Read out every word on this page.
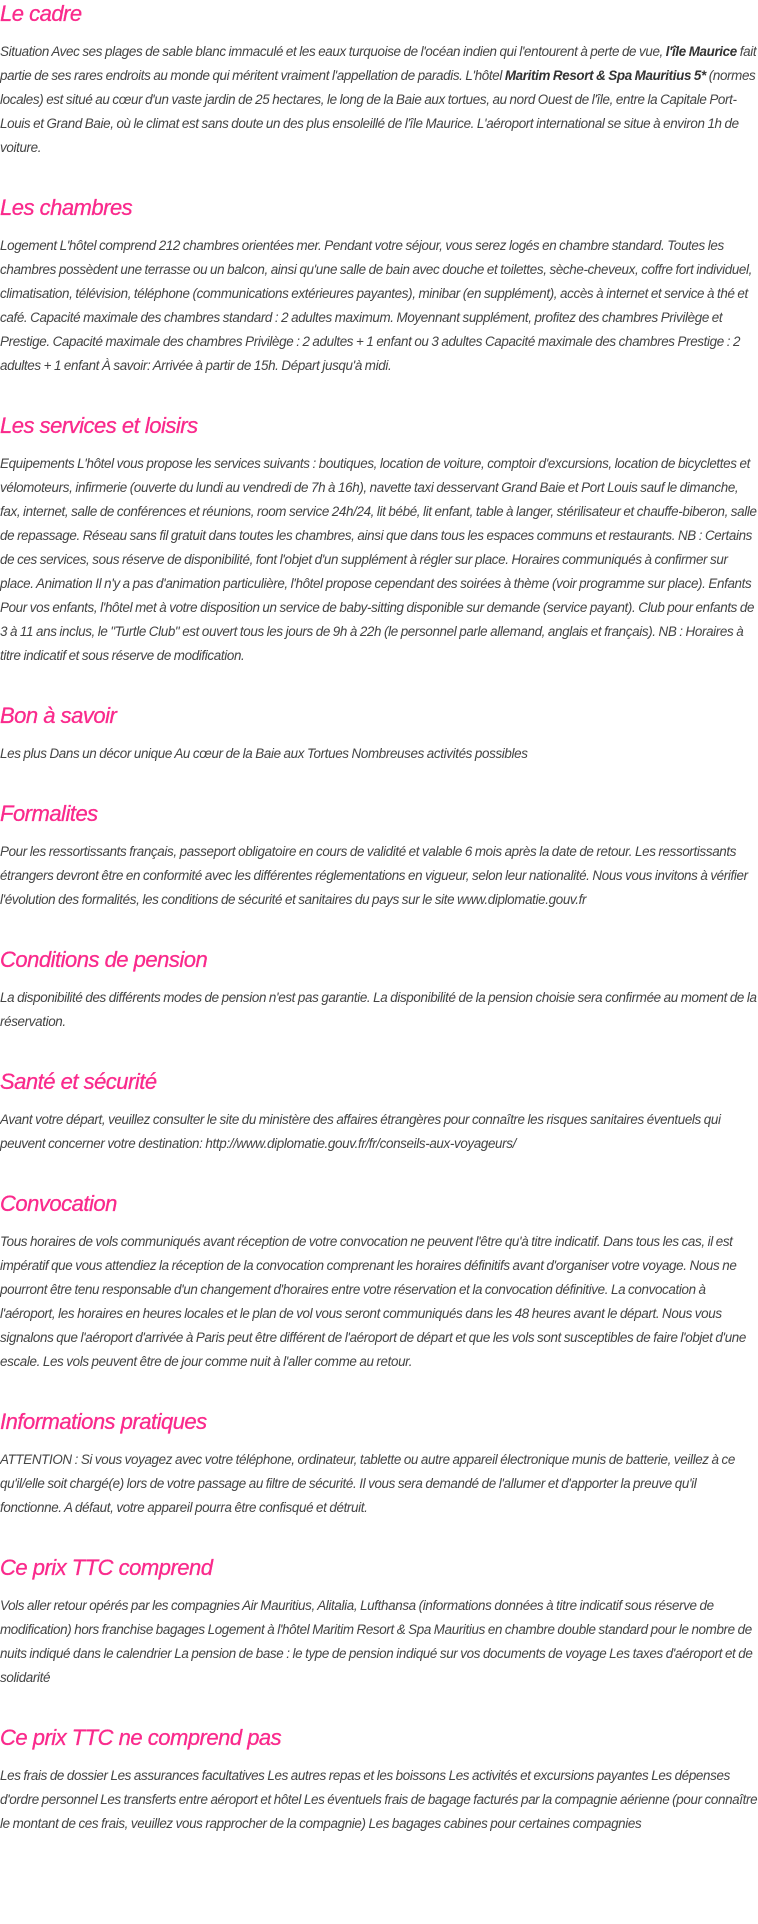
Le cadre

Situation Avec ses plages de sable blanc immaculé et les eaux turquoise de l'océan indien qui l'entourent à perte de vue, l'île Maurice fait partie de ses rares endroits au monde qui méritent vraiment l'appellation de paradis. L'hôtel Maritim Resort & Spa Mauritius 5* (normes locales) est situé au cœur d'un vaste jardin de 25 hectares, le long de la Baie aux tortues, au nord Ouest de l'île, entre la Capitale Port-Louis et Grand Baie, où le climat est sans doute un des plus ensoleillé de l'île Maurice. L'aéroport international se situe à environ 1h de voiture.

Les chambres

Logement L'hôtel comprend 212 chambres orientées mer. Pendant votre séjour, vous serez logés en chambre standard. Toutes les chambres possèdent une terrasse ou un balcon, ainsi qu'une salle de bain avec douche et toilettes, sèche-cheveux, coffre fort individuel, climatisation, télévision, téléphone (communications extérieures payantes), minibar (en supplément), accès à internet et service à thé et café. Capacité maximale des chambres standard : 2 adultes maximum. Moyennant supplément, profitez des chambres Privilège et Prestige. Capacité maximale des chambres Privilège : 2 adultes + 1 enfant ou 3 adultes Capacité maximale des chambres Prestige : 2 adultes + 1 enfant À savoir: Arrivée à partir de 15h. Départ jusqu'à midi.

Les services et loisirs

Equipements L'hôtel vous propose les services suivants : boutiques, location de voiture, comptoir d'excursions, location de bicyclettes et vélomoteurs, infirmerie (ouverte du lundi au vendredi de 7h à 16h), navette taxi desservant Grand Baie et Port Louis sauf le dimanche, fax, internet, salle de conférences et réunions, room service 24h/24, lit bébé, lit enfant, table à langer, stérilisateur et chauffe-biberon, salle de repassage. Réseau sans fil gratuit dans toutes les chambres, ainsi que dans tous les espaces communs et restaurants. NB : Certains de ces services, sous réserve de disponibilité, font l'objet d'un supplément à régler sur place. Horaires communiqués à confirmer sur place. Animation Il n'y a pas d'animation particulière, l'hôtel propose cependant des soirées à thème (voir programme sur place). Enfants Pour vos enfants, l'hôtel met à votre disposition un service de baby-sitting disponible sur demande (service payant). Club pour enfants de 3 à 11 ans inclus, le "Turtle Club" est ouvert tous les jours de 9h à 22h (le personnel parle allemand, anglais et français). NB : Horaires à titre indicatif et sous réserve de modification.

Bon à savoir

Les plus Dans un décor unique Au cœur de la Baie aux Tortues Nombreuses activités possibles

Formalites

Pour les ressortissants français, passeport obligatoire en cours de validité et valable 6 mois après la date de retour. Les ressortissants étrangers devront être en conformité avec les différentes réglementations en vigueur, selon leur nationalité. Nous vous invitons à vérifier l'évolution des formalités, les conditions de sécurité et sanitaires du pays sur le site www.diplomatie.gouv.fr

Conditions de pension

La disponibilité des différents modes de pension n'est pas garantie. La disponibilité de la pension choisie sera confirmée au moment de la réservation.

Santé et sécurité

Avant votre départ, veuillez consulter le site du ministère des affaires étrangères pour connaître les risques sanitaires éventuels qui peuvent concerner votre destination: http://www.diplomatie.gouv.fr/fr/conseils-aux-voyageurs/

Convocation

Tous horaires de vols communiqués avant réception de votre convocation ne peuvent l'être qu'à titre indicatif. Dans tous les cas, il est impératif que vous attendiez la réception de la convocation comprenant les horaires définitifs avant d'organiser votre voyage. Nous ne pourront être tenu responsable d'un changement d'horaires entre votre réservation et la convocation définitive. La convocation à l'aéroport, les horaires en heures locales et le plan de vol vous seront communiqués dans les 48 heures avant le départ. Nous vous signalons que l'aéroport d'arrivée à Paris peut être différent de l'aéroport de départ et que les vols sont susceptibles de faire l'objet d'une escale. Les vols peuvent être de jour comme nuit à l'aller comme au retour.

Informations pratiques

ATTENTION : Si vous voyagez avec votre téléphone, ordinateur, tablette ou autre appareil électronique munis de batterie, veillez à ce qu'il/elle soit chargé(e) lors de votre passage au filtre de sécurité. Il vous sera demandé de l'allumer et d'apporter la preuve qu'il fonctionne. A défaut, votre appareil pourra être confisqué et détruit.

Ce prix TTC comprend

Vols aller retour opérés par les compagnies Air Mauritius, Alitalia, Lufthansa (informations données à titre indicatif sous réserve de modification) hors franchise bagages Logement à l'hôtel Maritim Resort & Spa Mauritius en chambre double standard pour le nombre de nuits indiqué dans le calendrier La pension de base : le type de pension indiqué sur vos documents de voyage Les taxes d'aéroport et de solidarité

Ce prix TTC ne comprend pas

Les frais de dossier Les assurances facultatives Les autres repas et les boissons Les activités et excursions payantes Les dépenses d'ordre personnel Les transferts entre aéroport et hôtel Les éventuels frais de bagage facturés par la compagnie aérienne (pour connaître le montant de ces frais, veuillez vous rapprocher de la compagnie) Les bagages cabines pour certaines compagnies
